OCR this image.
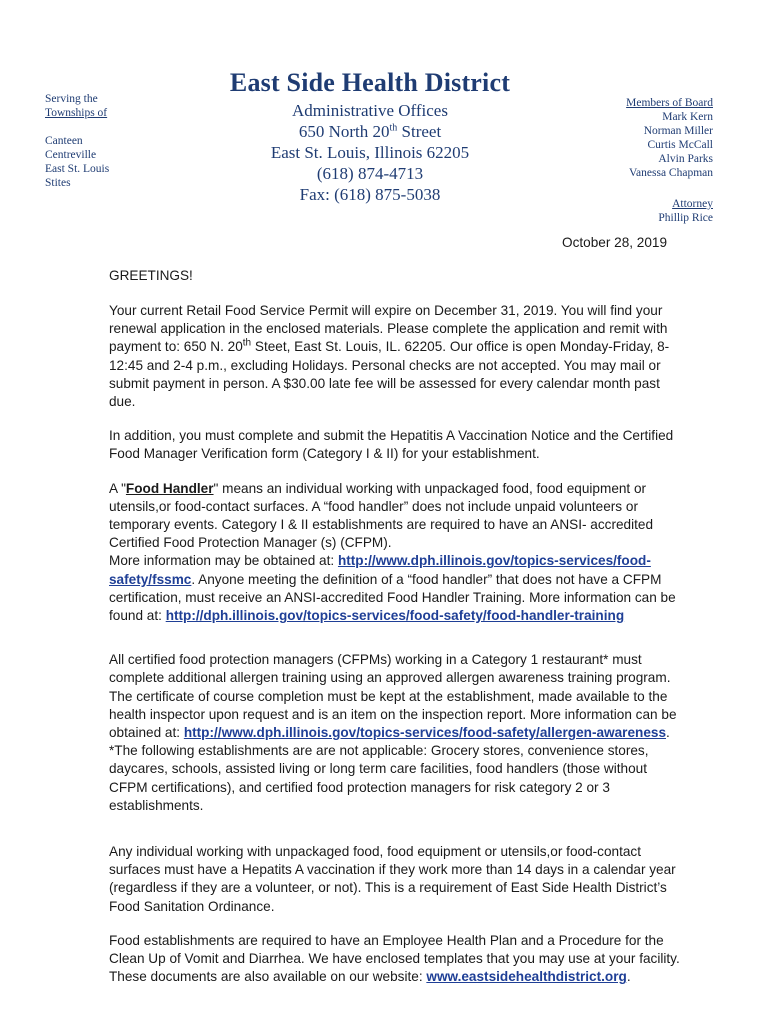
East Side Health District
Administrative Offices
650 North 20th Street
East St. Louis, Illinois 62205
(618) 874-4713
Fax: (618) 875-5038
Serving the
Townships of
Canteen
Centreville
East St. Louis
Stites
Members of Board
Mark Kern
Norman Miller
Curtis McCall
Alvin Parks
Vanessa Chapman
Attorney
Phillip Rice
October 28, 2019
GREETINGS!

Your current Retail Food Service Permit will expire on December 31, 2019. You will find your renewal application in the enclosed materials. Please complete the application and remit with payment to: 650 N. 20th Steet, East St. Louis, IL. 62205. Our office is open Monday-Friday, 8-12:45 and 2-4 p.m., excluding Holidays. Personal checks are not accepted. You may mail or submit payment in person. A $30.00 late fee will be assessed for every calendar month past due.

In addition, you must complete and submit the Hepatitis A Vaccination Notice and the Certified Food Manager Verification form (Category I & II) for your establishment.

A "Food Handler" means an individual working with unpackaged food, food equipment or utensils,or food-contact surfaces. A “food handler” does not include unpaid volunteers or temporary events. Category I & II establishments are required to have an ANSI- accredited Certified Food Protection Manager (s) (CFPM).
More information may be obtained at: http://www.dph.illinois.gov/topics-services/food-safety/fssmc. Anyone meeting the definition of a “food handler” that does not have a CFPM certification, must receive an ANSI-accredited Food Handler Training. More information can be found at: http://dph.illinois.gov/topics-services/food-safety/food-handler-training

All certified food protection managers (CFPMs) working in a Category 1 restaurant* must complete additional allergen training using an approved allergen awareness training program. The certificate of course completion must be kept at the establishment, made available to the health inspector upon request and is an item on the inspection report. More information can be obtained at: http://www.dph.illinois.gov/topics-services/food-safety/allergen-awareness. *The following establishments are are not applicable: Grocery stores, convenience stores, daycares, schools, assisted living or long term care facilities, food handlers (those without CFPM certifications), and certified food protection managers for risk category 2 or 3 establishments.

Any individual working with unpackaged food, food equipment or utensils,or food-contact surfaces must have a Hepatits A vaccination if they work more than 14 days in a calendar year (regardless if they are a volunteer, or not). This is a requirement of East Side Health District’s Food Sanitation Ordinance.

Food establishments are required to have an Employee Health Plan and a Procedure for the Clean Up of Vomit and Diarrhea. We have enclosed templates that you may use at your facility. These documents are also available on our website: www.eastsidehealthdistrict.org.
